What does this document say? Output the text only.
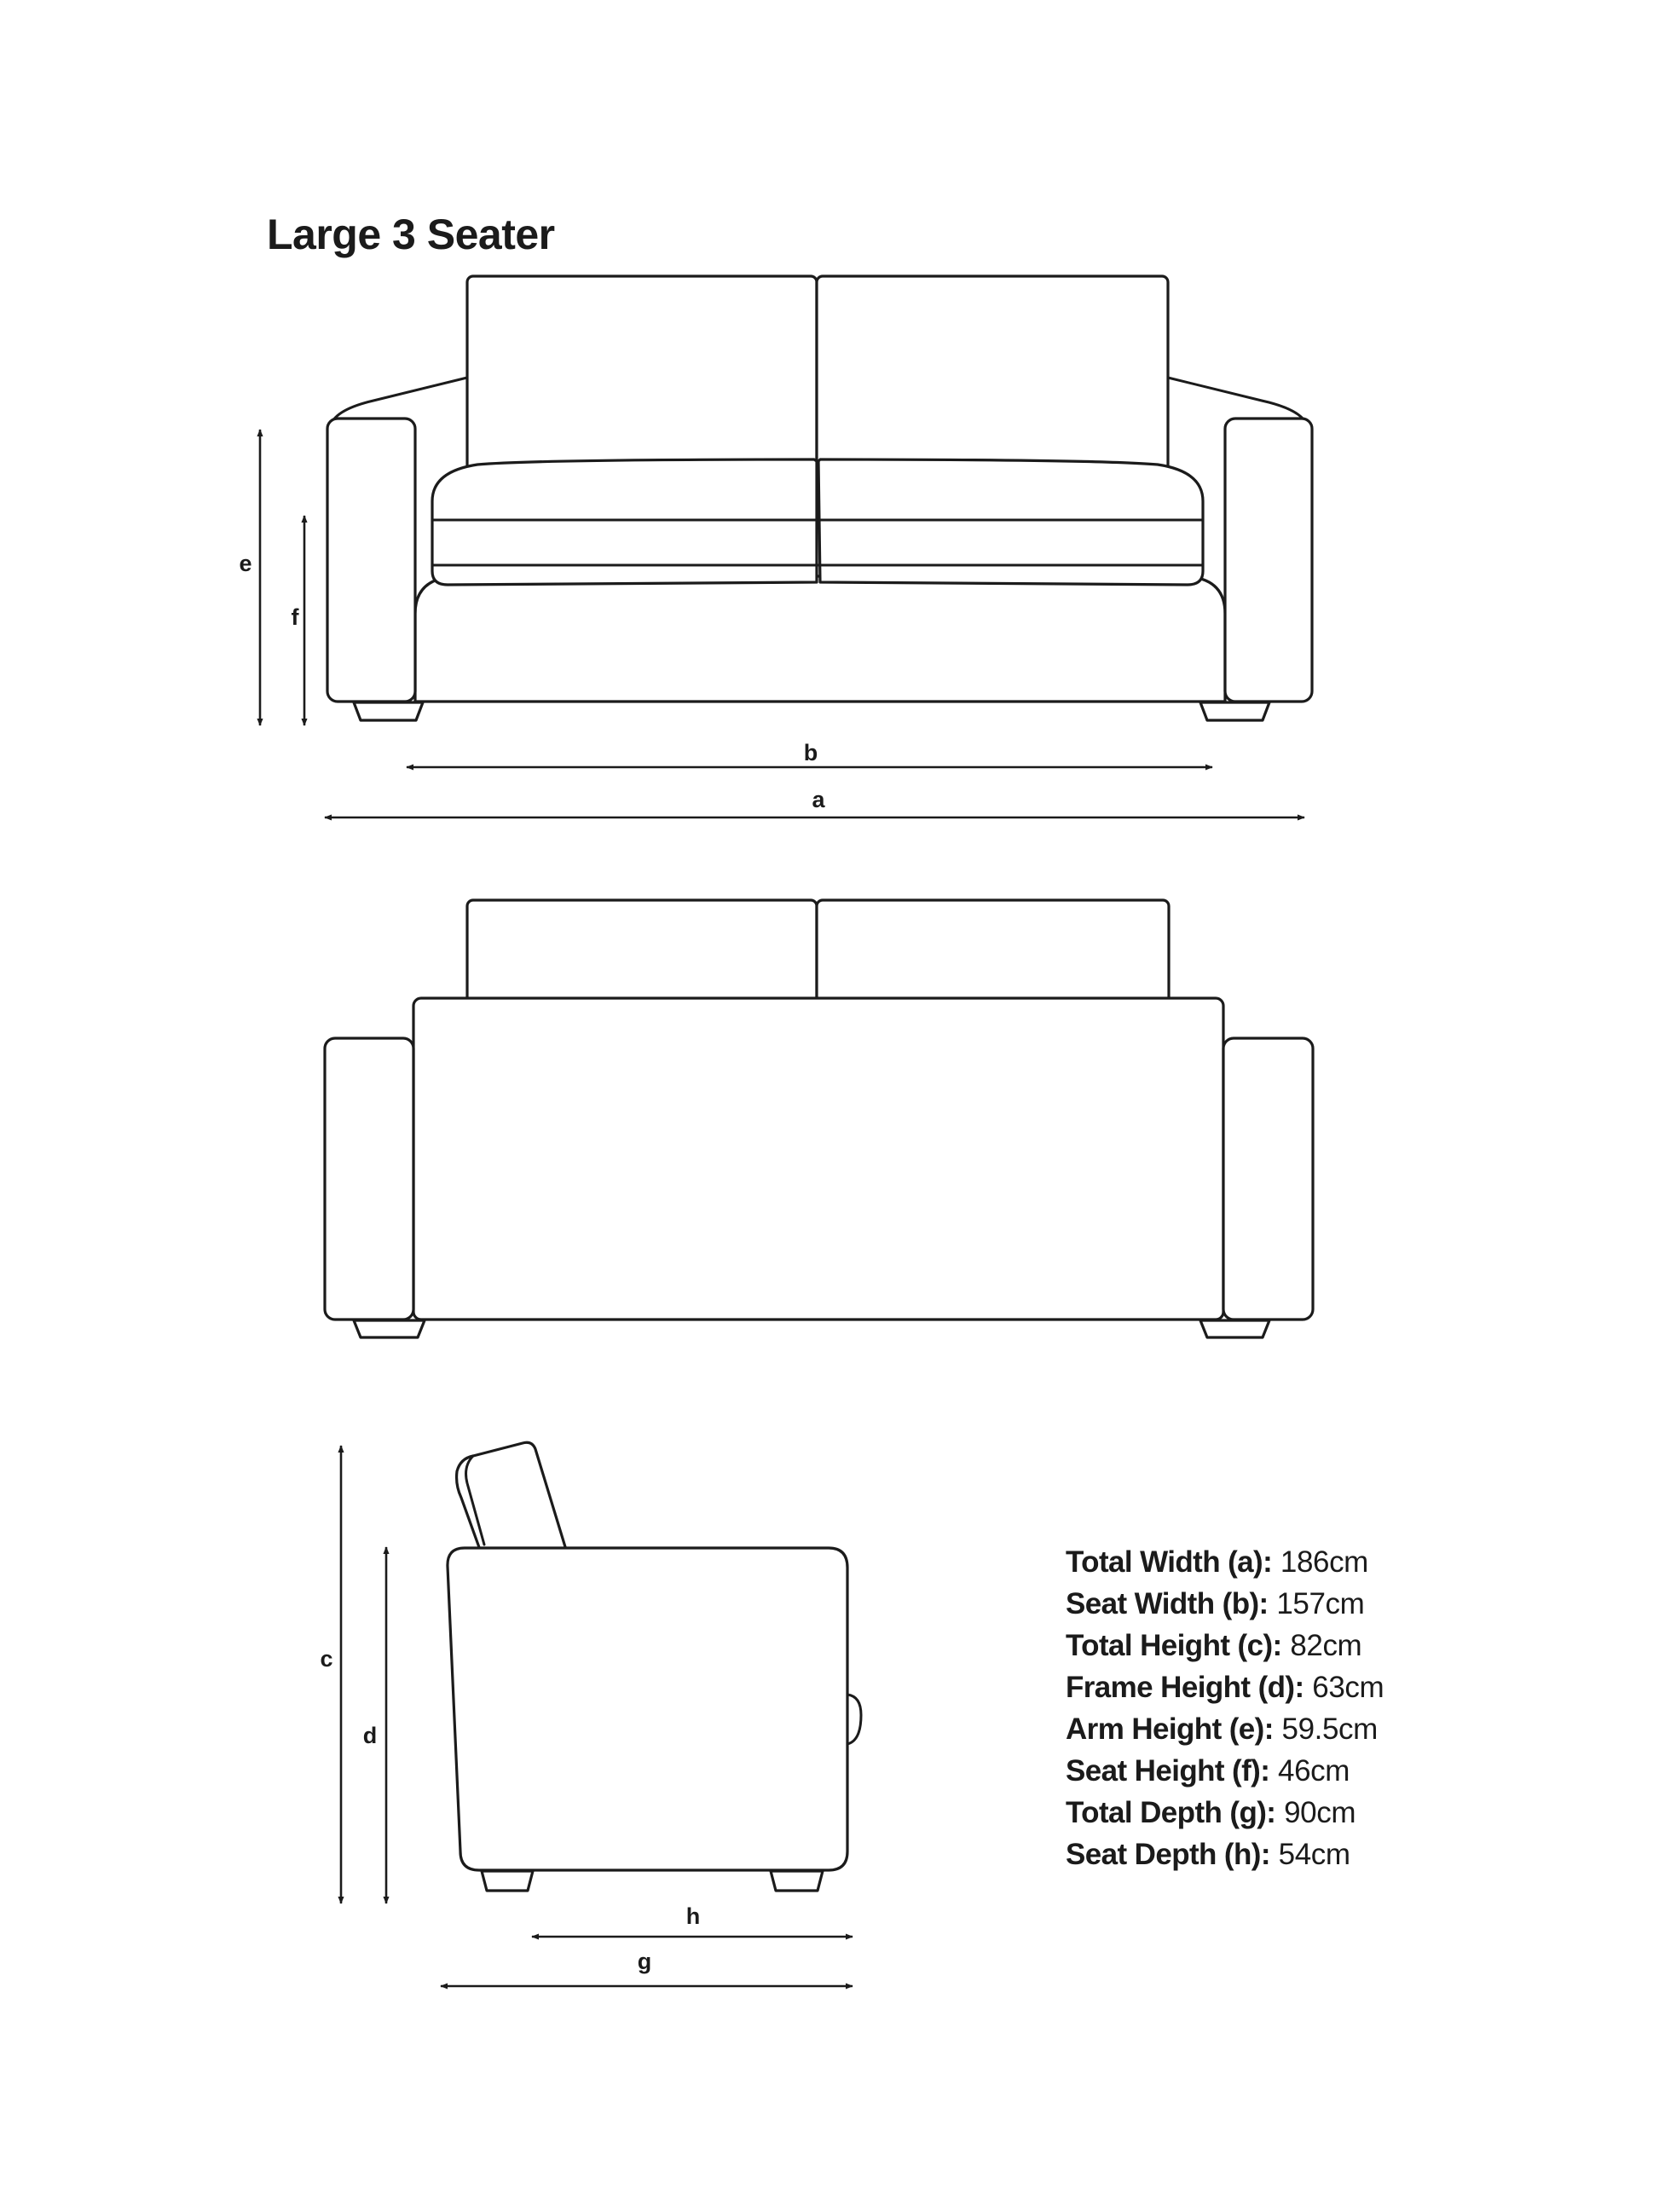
Large 3 Seater
e
f
b
a
c
d
h
g
Total Width (a): 186cm
Seat Width (b): 157cm
Total Height (c): 82cm
Frame Height (d): 63cm
Arm Height (e): 59.5cm
Seat Height (f): 46cm
Total Depth (g): 90cm
Seat Depth (h): 54cm
